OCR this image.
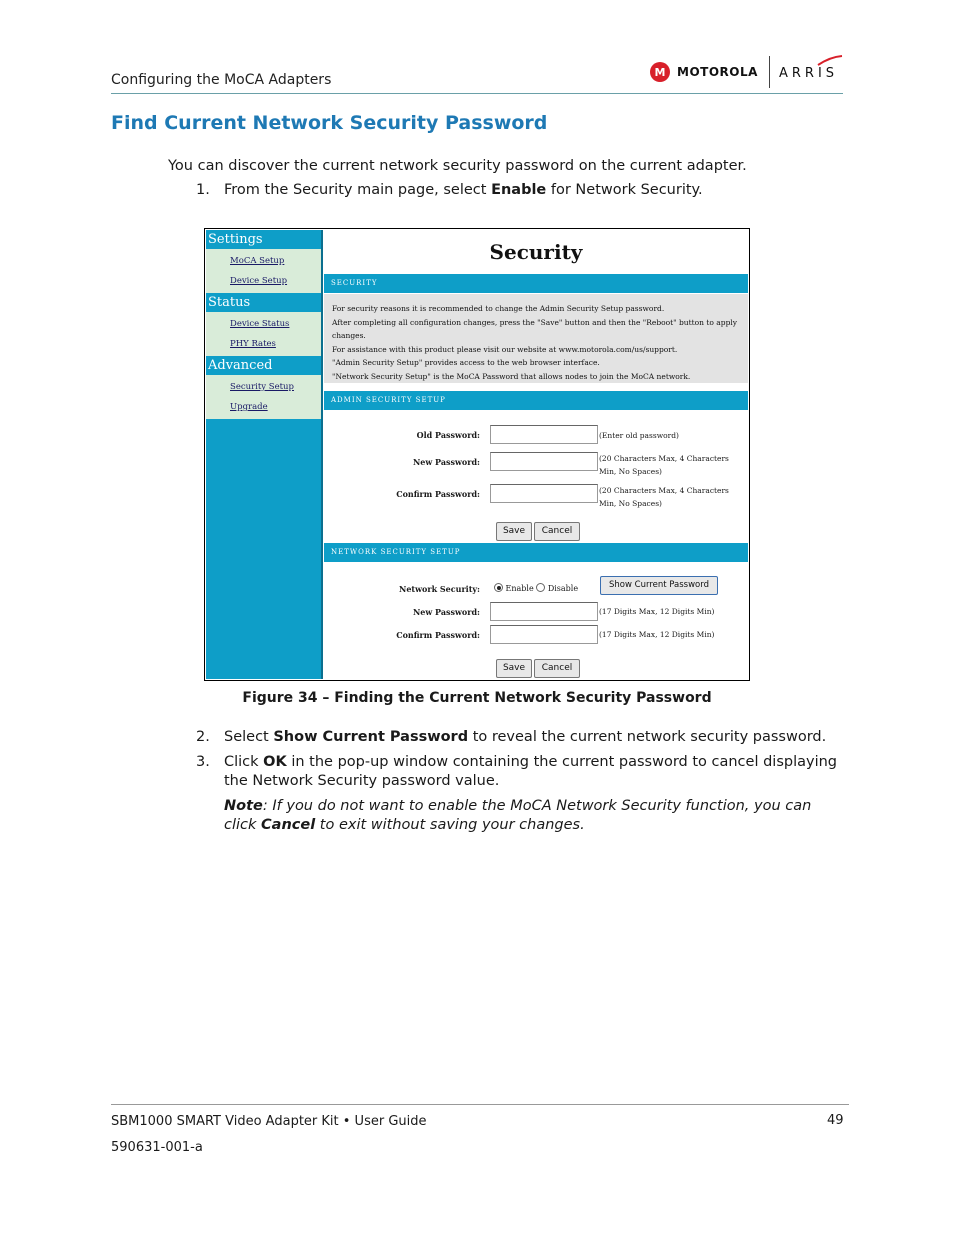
Configuring the MoCA Adapters	M MOTOROLA ARRIS
Find Current Network Security Password
You can discover the current network security password on the current adapter.
1. From the Security main page, select Enable for Network Security.
Settings
MoCA Setup
Device Setup
Status
Device Status
PHY Rates
Advanced
Security Setup
Upgrade
Security
SECURITY
For security reasons it is recommended to change the Admin Security Setup password.
After completing all configuration changes, press the "Save" button and then the "Reboot" button to apply changes.
For assistance with this product please visit our website at www.motorola.com/us/support.
"Admin Security Setup" provides access to the web browser interface.
"Network Security Setup" is the MoCA Password that allows nodes to join the MoCA network.
ADMIN SECURITY SETUP
Old Password:	(Enter old password)
New Password:	(20 Characters Max, 4 Characters Min, No Spaces)
Confirm Password:	(20 Characters Max, 4 Characters Min, No Spaces)
Save	Cancel
NETWORK SECURITY SETUP
Network Security:	Enable Disable	Show Current Password
New Password:	(17 Digits Max, 12 Digits Min)
Confirm Password:	(17 Digits Max, 12 Digits Min)
Save	Cancel
Figure 34 – Finding the Current Network Security Password
2. Select Show Current Password to reveal the current network security password.
3. Click OK in the pop-up window containing the current password to cancel displaying the Network Security password value.
Note: If you do not want to enable the MoCA Network Security function, you can click Cancel to exit without saving your changes.
SBM1000 SMART Video Adapter Kit • User Guide
590631-001-a
49
